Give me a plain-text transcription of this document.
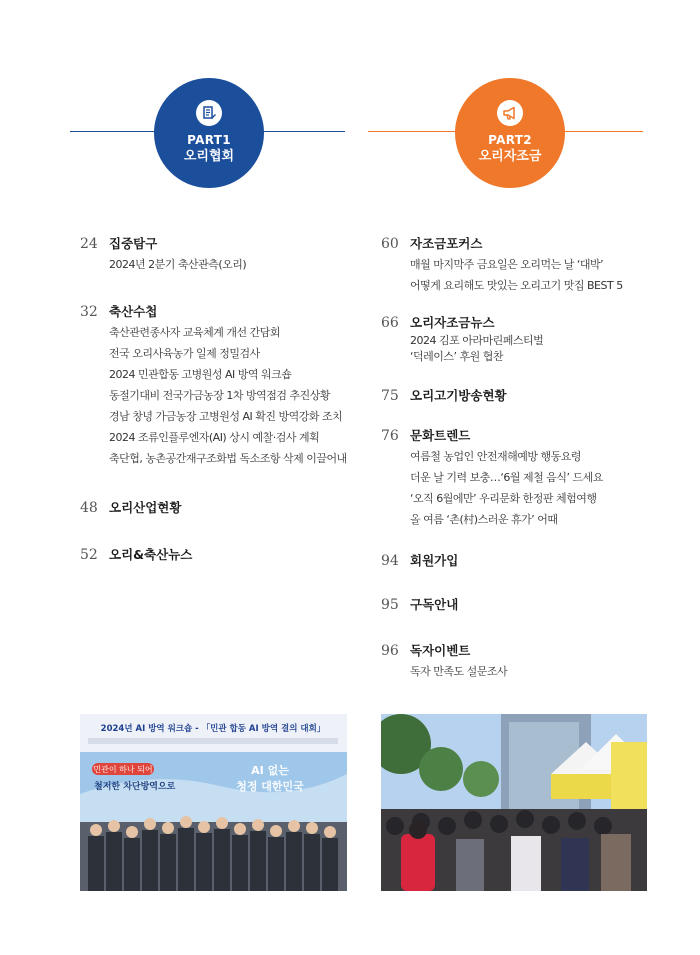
PART1
오리협회
PART2
오리자조금
24 집중탐구
2024년 2분기 축산관측(오리)
32 축산수첩
축산관련종사자 교육체계 개선 간담회
전국 오리사육농가 일제 정밀검사
2024 민관합동 고병원성 AI 방역 워크숍
동절기대비 전국가금농장 1차 방역점검 추진상황
경남 창녕 가금농장 고병원성 AI 확진 방역강화 조치
2024 조류인플루엔자(AI) 상시 예찰·검사 계획
축단협, 농촌공간재구조화법 독소조항 삭제 이끌어내
48 오리산업현황
52 오리&축산뉴스
60 자조금포커스
매월 마지막주 금요일은 오리먹는 날 ‘대박’
어떻게 요리해도 맛있는 오리고기 맛집 BEST 5
66 오리자조금뉴스
2024 김포 아라마린페스티벌
‘덕레이스’ 후원 협찬
75 오리고기방송현황
76 문화트렌드
여름철 농업인 안전재해예방 행동요령
더운 날 기력 보충…‘6월 제철 음식’ 드세요
‘오직 6월에만’ 우리문화 한정판 체험여행
올 여름 ‘촌(村)스러운 휴가’ 어때
94 회원가입
95 구독안내
96 독자이벤트
독자 만족도 설문조사
2024년 AI 방역 워크숍 - 「민관 합동 AI 방역 결의 대회」
민관이 하나 되어
철저한 차단방역으로
AI 없는
청정 대한민국
